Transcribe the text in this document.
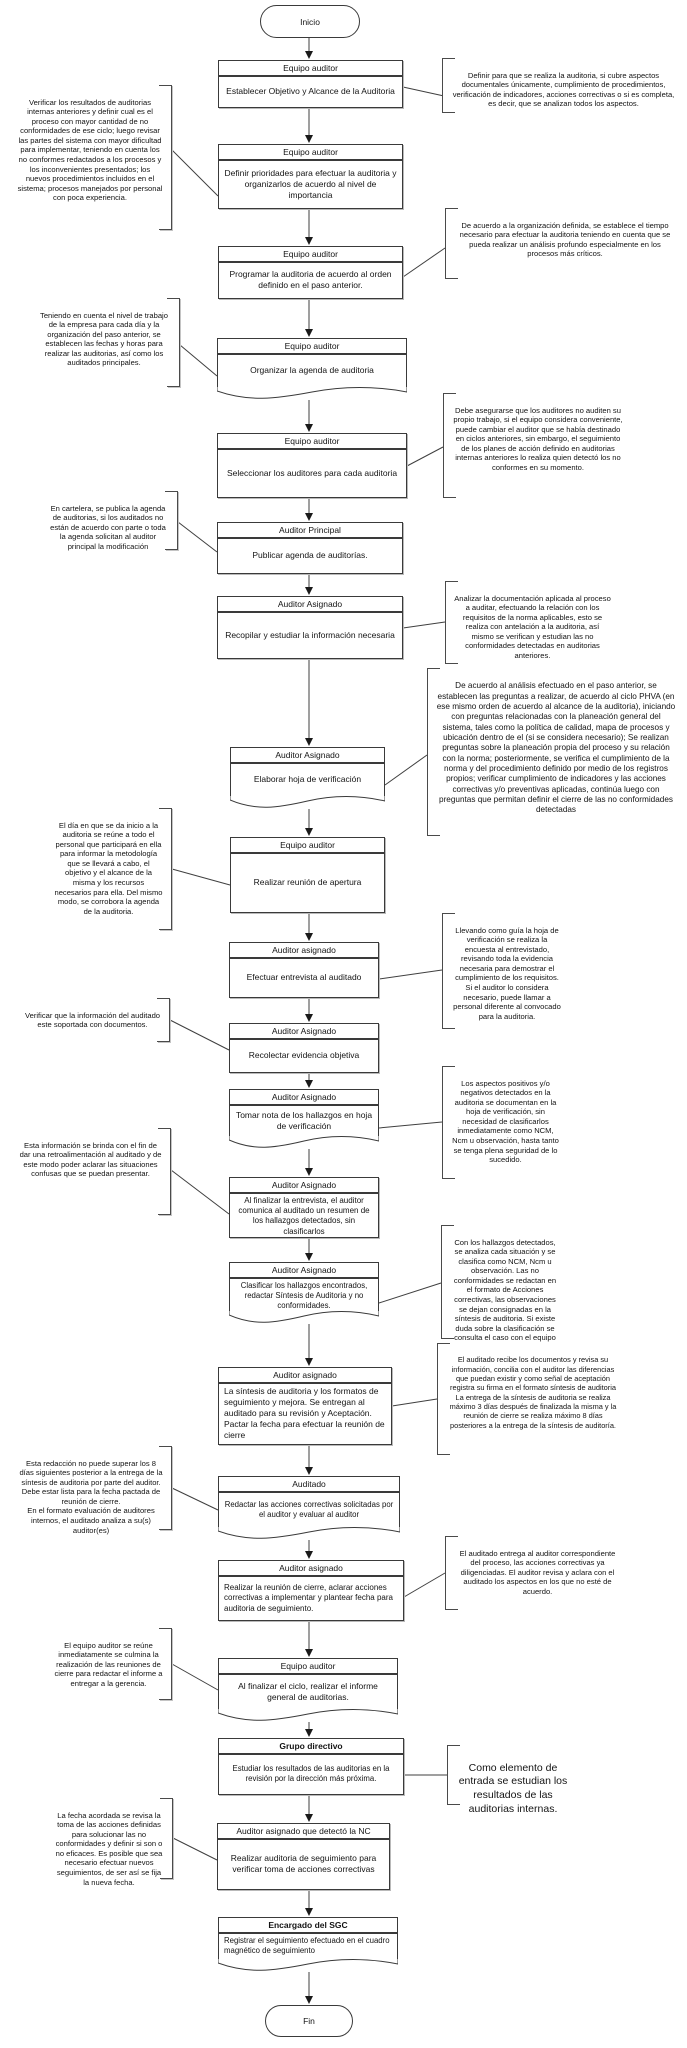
Inicio
Equipo auditor
Establecer Objetivo y Alcance de la Auditoria
Equipo auditor
Definir prioridades para efectuar la auditoria y organizarlos de acuerdo al nivel de importancia
Equipo auditor
Programar la auditoria de acuerdo al orden definido en el paso anterior.
Equipo auditor
Organizar la agenda de auditoria
Equipo auditor
Seleccionar los auditores para cada auditoria
Auditor Principal
Publicar agenda de auditorías.
Auditor Asignado
Recopilar y estudiar la información necesaria
Auditor Asignado
Elaborar hoja de verificación
Equipo auditor
Realizar reunión de apertura
Auditor asignado
Efectuar entrevista al auditado
Auditor Asignado
Recolectar evidencia objetiva
Auditor Asignado
Tomar nota de los hallazgos en hoja de verificación
Auditor Asignado
Al finalizar la entrevista, el auditor comunica al auditado un resumen de los hallazgos detectados, sin clasificarlos
Auditor Asignado
Clasificar los hallazgos encontrados, redactar Síntesis de Auditoria y no conformidades.
Auditor asignado
La síntesis de auditoria y los formatos de seguimiento y mejora. Se entregan al auditado para su revisión y Aceptación. Pactar la fecha para efectuar la reunión de cierre
Auditado
Redactar las acciones correctivas solicitadas por el auditor y evaluar al auditor
Auditor asignado
Realizar la reunión de cierre, aclarar acciones correctivas a implementar y plantear fecha para auditoria de seguimiento.
Equipo auditor
Al finalizar el ciclo, realizar el informe general de auditorias.
Grupo directivo
Estudiar los resultados de las auditorias en la revisión por la dirección más próxima.
Auditor asignado que detectó la NC
Realizar auditoria de seguimiento para verificar toma de acciones correctivas
Encargado del SGC
Registrar el seguimiento efectuado en el cuadro magnético de seguimiento
Fin

Verificar los resultados de auditorias internas anteriores y definir cual es el proceso con mayor cantidad de no conformidades de ese ciclo; luego revisar las partes del sistema con mayor dificultad para implementar, teniendo en cuenta los no conformes redactados a los procesos y los inconvenientes presentados; los nuevos procedimientos incluidos en el sistema; procesos manejados por personal con poca experiencia.

Teniendo en cuenta el nivel de trabajo de la empresa para cada día y la organización del paso anterior, se establecen las fechas y horas para realizar las auditorias, así como los auditados principales.

En cartelera, se publica la agenda de auditorias, si los auditados no están de acuerdo con parte o toda la agenda solicitan al auditor principal la modificación

El día en que se da inicio a la auditoria se reúne a todo el personal que participará en ella para informar la metodología que se llevará a cabo, el objetivo y el alcance de la misma y los recursos necesarios para ella. Del mismo modo, se corrobora la agenda de la auditoria.

Verificar que la información del auditado este soportada con documentos.

Esta información se brinda con el fin de dar una retroalimentación al auditado y de este modo poder aclarar las situaciones confusas que se puedan presentar.

Esta redacción no puede superar los 8 días siguientes posterior a la entrega de la síntesis de auditoria por parte del auditor. Debe estar lista para la fecha pactada de reunión de cierre.
En el formato evaluación de auditores internos, el auditado analiza a su(s) auditor(es)

El equipo auditor se reúne inmediatamente se culmina la realización de las reuniones de cierre para redactar el informe a entregar a la gerencia.

La fecha acordada se revisa la toma de las acciones definidas para solucionar las no conformidades y definir si son o no eficaces. Es posible que sea necesario efectuar nuevos seguimientos, de ser así se fija la nueva fecha.

Definir para que se realiza la auditoria, si cubre aspectos documentales únicamente, cumplimiento de procedimientos, verificación de indicadores, acciones correctivas o si es completa, es decir, que se analizan todos los aspectos.

De acuerdo a la organización definida, se establece el tiempo necesario para efectuar la auditoria teniendo en cuenta que se pueda realizar un análisis profundo especialmente en los procesos más críticos.

Debe asegurarse que los auditores no auditen su propio trabajo, si el equipo considera conveniente, puede cambiar el auditor que se había destinado en ciclos anteriores, sin embargo, el seguimiento de los planes de acción definido en auditorias internas anteriores lo realiza quien detectó los no conformes en su momento.

Analizar la documentación aplicada al proceso a auditar, efectuando la relación con los requisitos de la norma aplicables, esto se realiza con antelación a la auditoria, así mismo se verifican y estudian las no conformidades detectadas en auditorias anteriores.

De acuerdo al análisis efectuado en el paso anterior, se establecen las preguntas a realizar, de acuerdo al ciclo PHVA (en ese mismo orden de acuerdo al alcance de la auditoria), iniciando con preguntas relacionadas con la planeación general del sistema, tales como la política de calidad, mapa de procesos y ubicación dentro de el (si se considera necesario); Se realizan preguntas sobre la planeación propia del proceso y su relación con la norma; posteriormente, se verifica el cumplimiento de la norma y del procedimiento definido por medio de los registros propios; verificar cumplimiento de indicadores y las acciones correctivas y/o preventivas aplicadas, continúa luego con preguntas que permitan definir el cierre de las no conformidades detectadas

Llevando como guía la hoja de verificación se realiza la encuesta al entrevistado, revisando toda la evidencia necesaria para demostrar el cumplimiento de los requisitos. Si el auditor lo considera necesario, puede llamar a personal diferente al convocado para la auditoria.

Los aspectos positivos y/o negativos detectados en la auditoria se documentan en la hoja de verificación, sin necesidad de clasificarlos inmediatamente como NCM, Ncm u observación, hasta tanto se tenga plena seguridad de lo sucedido.

Con los hallazgos detectados, se analiza cada situación y se clasifica como NCM, Ncm u observación. Las no conformidades se redactan en el formato de Acciones correctivas, las observaciones se dejan consignadas en la síntesis de auditoria. Si existe duda sobre la clasificación se consulta el caso con el equipo

El auditado recibe los documentos y revisa su información, concilia con el auditor las diferencias que puedan existir y como señal de aceptación registra su firma en el formato síntesis de auditoria
La entrega de la síntesis de auditoria se realiza máximo 3 días después de finalizada la misma y la reunión de cierre se realiza máximo 8 días posteriores a la entrega de la síntesis de auditoría.

El auditado entrega al auditor correspondiente del proceso, las acciones correctivas ya diligenciadas. El auditor revisa y aclara con el auditado los aspectos en los que no esté de acuerdo.

Como elemento de entrada se estudian los resultados de las auditorias internas.
